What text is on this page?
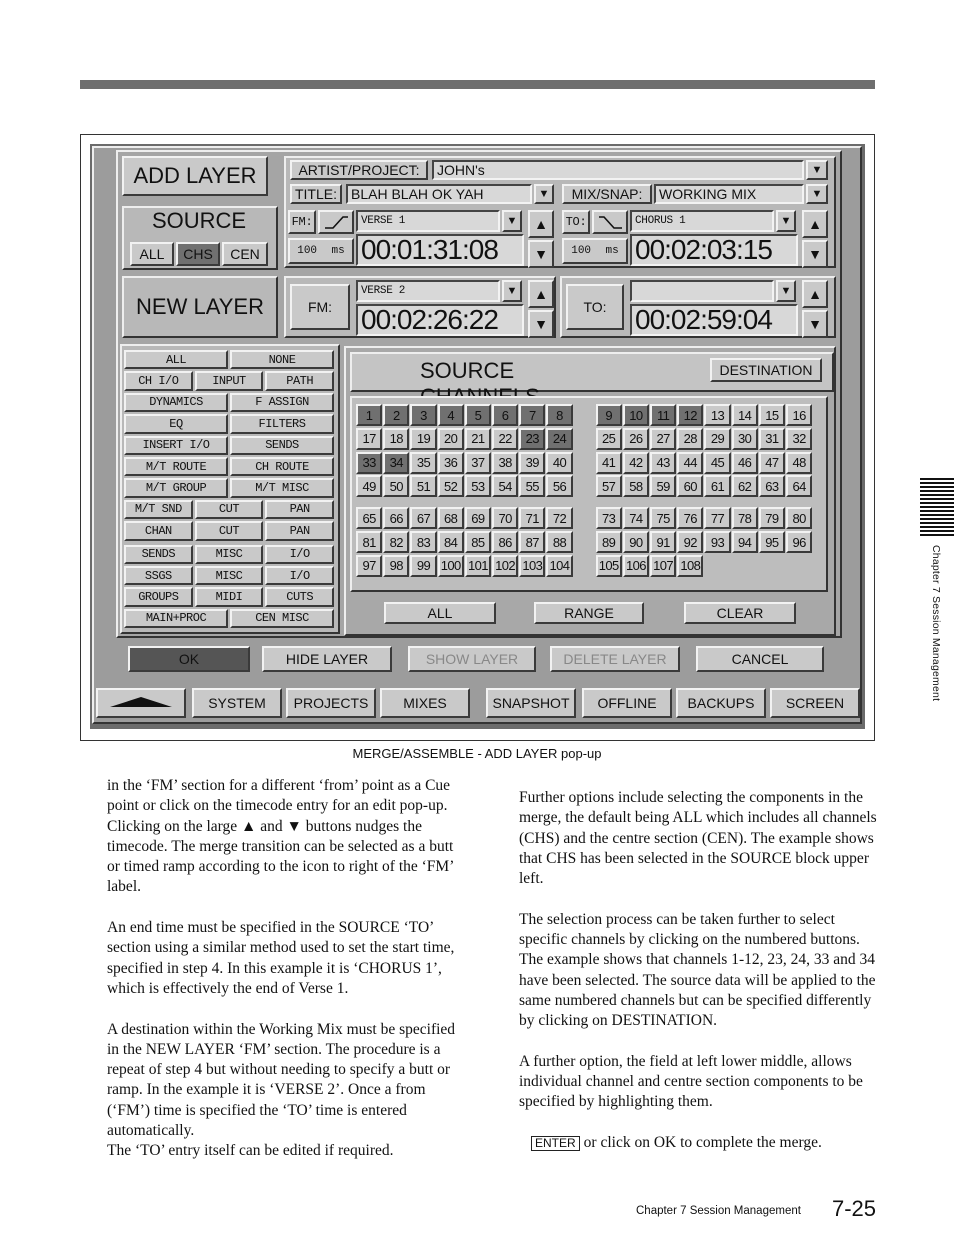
ADD LAYER
SOURCE
ALL	CHS	CEN
NEW LAYER
ARTIST/PROJECT:	JOHN's	▼
TITLE:	BLAH BLAH OK YAH	▼	MIX/SNAP:	WORKING MIX	▼
FM:	VERSE 1	▼	▲
100 ms 00:01:31:08	▼
TO:	CHORUS 1	▼	▲
100 ms 00:02:03:15	▼
FM:
VERSE 2	▼	▲
00:02:26:22	▼
TO:
▼	▲
00:02:59:04	▼
ALL	NONE
CH I/O	INPUT	PATH
DYNAMICS	F ASSIGN
EQ	FILTERS
INSERT I/O	SENDS
M/T ROUTE	CH ROUTE
M/T GROUP	M/T MISC
M/T SND	CUT	PAN
CHAN	CUT	PAN
SENDS	MISC	I/O
SSGS	MISC	I/O
GROUPS	MIDI	CUTS
MAIN+PROC	CEN MISC
SOURCE	DESTINATION
1	2	3	4	5	6	7	8	9	10	11	12	13	14	15	16
17	18	19	20	21	22	23	24	25	26	27	28	29	30	31	32
33	34	35	36	37	38	39	40	41	42	43	44	45	46	47	48
49	50	51	52	53	54	55	56	57	58	59	60	61	62	63	64
65	66	67	68	69	70	71	72	73	74	75	76	77	78	79	80
81	82	83	84	85	86	87	88	89	90	91	92	93	94	95	96
97	98	99 100 101 102 103 104 105 106 107 108
ALL	RANGE	CLEAR
OK	HIDE LAYER	SHOW LAYER	DELETE LAYER	CANCEL
SYSTEM	PROJECTS	MIXES	SNAPSHOT	OFFLINE	BACKUPS	SCREEN
MERGE/ASSEMBLE - ADD LAYER pop-up

in the ‘FM’ section for a different ‘from’ point as a Cue point or click on the timecode entry for an edit pop-up. Clicking on the large ▲ and ▼ buttons nudges the timecode. The merge transition can be selected as a butt or timed ramp according to the icon to right of the ‘FM’ label.

An end time must be specified in the SOURCE ‘TO’ section using a similar method used to set the start time, specified in step 4. In this example it is ‘CHORUS 1’, which is effectively the end of Verse 1.

A destination within the Working Mix must be specified in the NEW LAYER ‘FM’ section. The procedure is a repeat of step 4 but without needing to specify a butt or ramp. In the example it is ‘VERSE 2’. Once a from (‘FM’) time is specified the ‘TO’ time is entered automatically.

The ‘TO’ entry itself can be edited if required.

Further options include selecting the components in the merge, the default being ALL which includes all channels (CHS) and the centre section (CEN). The example shows that CHS has been selected in the SOURCE block upper left.

The selection process can be taken further to select specific channels by clicking on the numbered buttons. The example shows that channels 1-12, 23, 24, 33 and 34 have been selected. The source data will be applied to the same numbered channels but can be specified differently by clicking on DESTINATION.

A further option, the field at left lower middle, allows individual channel and centre section components to be specified by highlighting them.

ENTER or click on OK to complete the merge.
Chapter 7 Session Management
Chapter 7 Session Management 7-25
